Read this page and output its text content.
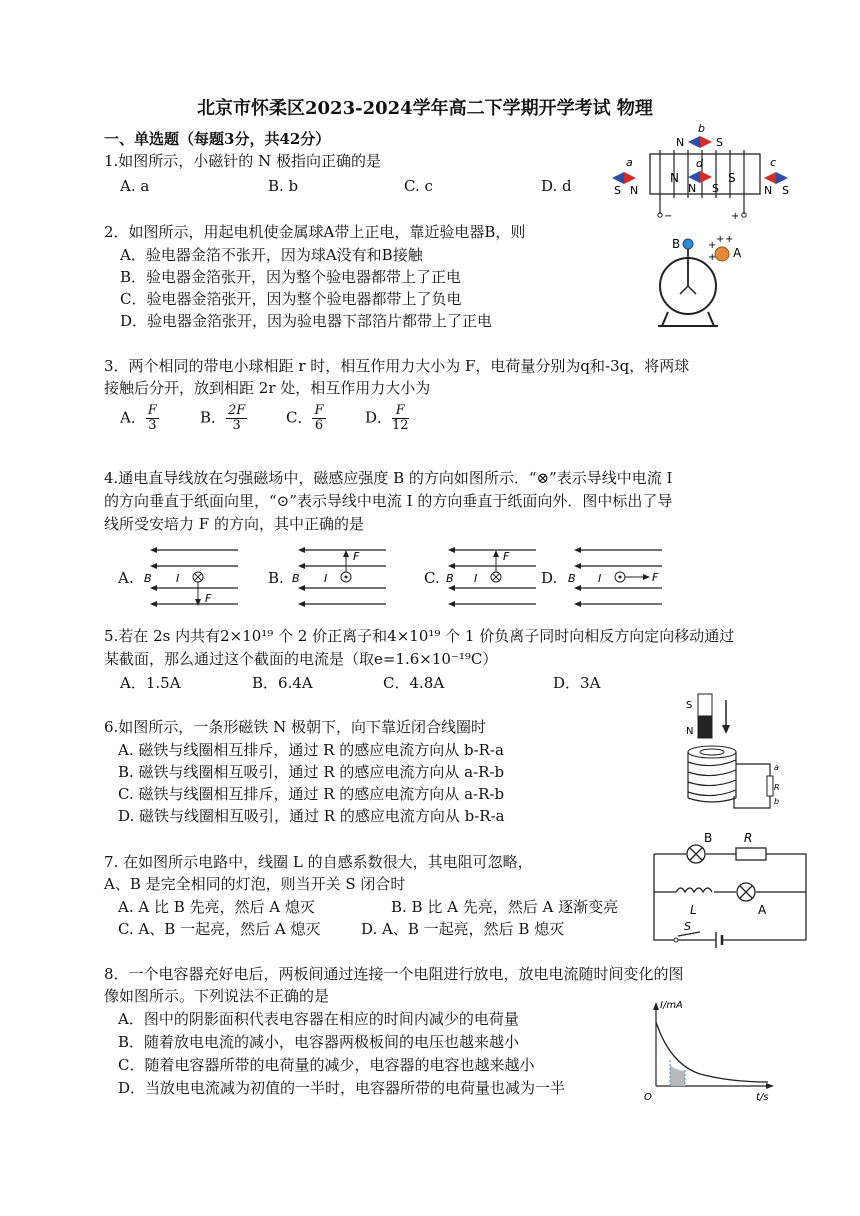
北京市怀柔区2023-2024学年高二下学期开学考试 物理
一、单选题（每题3分，共42分）
1.如图所示，小磁针的 N 极指向正确的是
A. a	B. b	C. c	D. d
−	+
a
S N
b
N	S
N
d
N S
S
c
N S
2．如图所示，用起电机使金属球A带上正电，靠近验电器B，则
A．验电器金箔不张开，因为球A没有和B接触
B．验电器金箔张开，因为整个验电器都带上了正电
C．验电器金箔张开，因为整个验电器都带上了负电
D．验电器金箔张开，因为验电器下部箔片都带上了正电
B
A
+
+ +
+
3．两个相同的带电小球相距 r 时，相互作用力大小为 F，电荷量分别为q和-3q，将两球
接触后分开，放到相距 2r 处，相互作用力大小为
A． $\frac{F}{3}$	B． $\frac{2F}{3}$	C． $\frac{F}{6}$	D． $\frac{F}{12}$
4.通电直导线放在匀强磁场中，磁感应强度 B 的方向如图所示．“⊗”表示导线中电流 I
的方向垂直于纸面向里，“⊙”表示导线中电流 I 的方向垂直于纸面向外．图中标出了导
线所受安培力 F 的方向，其中正确的是
A. B I
F
B. B I
F
C. B I
F
D. B I	F
5.若在 2s 内共有2×10¹⁹ 个 2 价正离子和4×10¹⁹ 个 1 价负离子同时向相反方向定向移动通过
某截面，那么通过这个截面的电流是（取e=1.6×10⁻¹⁹C）
A．1.5A	B．6.4A	C．4.8A	D．3A
6.如图所示，一条形磁铁 N 极朝下，向下靠近闭合线圈时
A. 磁铁与线圈相互排斥，通过 R 的感应电流方向从 b-R-a
B. 磁铁与线圈相互吸引，通过 R 的感应电流方向从 a-R-b
C. 磁铁与线圈相互排斥，通过 R 的感应电流方向从 a-R-b
D. 磁铁与线圈相互吸引，通过 R 的感应电流方向从 b-R-a
S
N
a
R
b
7. 在如图所示电路中，线圈 L 的自感系数很大，其电阻可忽略，
A、B 是完全相同的灯泡，则当开关 S 闭合时
A. A 比 B 先亮，然后 A 熄灭	B. B 比 A 先亮，然后 A 逐渐变亮
C. A、B 一起亮，然后 A 熄灭	D. A、B 一起亮，然后 B 熄灭
B	R
L	A
S
8．一个电容器充好电后，两板间通过连接一个电阻进行放电，放电电流随时间变化的图
像如图所示。下列说法不正确的是
A．图中的阴影面积代表电容器在相应的时间内减少的电荷量
B．随着放电电流的减小，电容器两极板间的电压也越来越小
C．随着电容器所带的电荷量的减少，电容器的电容也越来越小
D．当放电电流减为初值的一半时，电容器所带的电荷量也减为一半
I/mA
t/s
O
